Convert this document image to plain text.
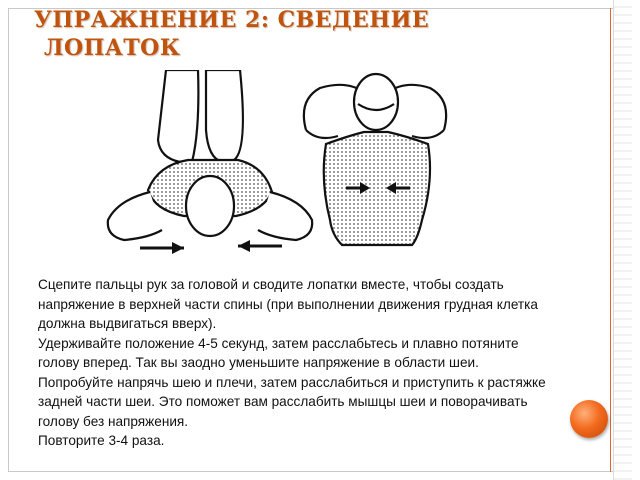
УПРАЖНЕНИЕ 2: СВЕДЕНИЕ
ЛОПАТОК

Сцепите пальцы рук за головой и сводите лопатки вместе, чтобы создать напряжение в верхней части спины (при выполнении движения грудная клетка должна выдвигаться вверх).

Удерживайте положение 4-5 секунд, затем расслабьтесь и плавно потяните голову вперед. Так вы заодно уменьшите напряжение в области шеи.

Попробуйте напрячь шею и плечи, затем расслабиться и приступить к растяжке задней части шеи. Это поможет вам расслабить мышцы шеи и поворачивать голову без напряжения.

Повторите 3-4 раза.
